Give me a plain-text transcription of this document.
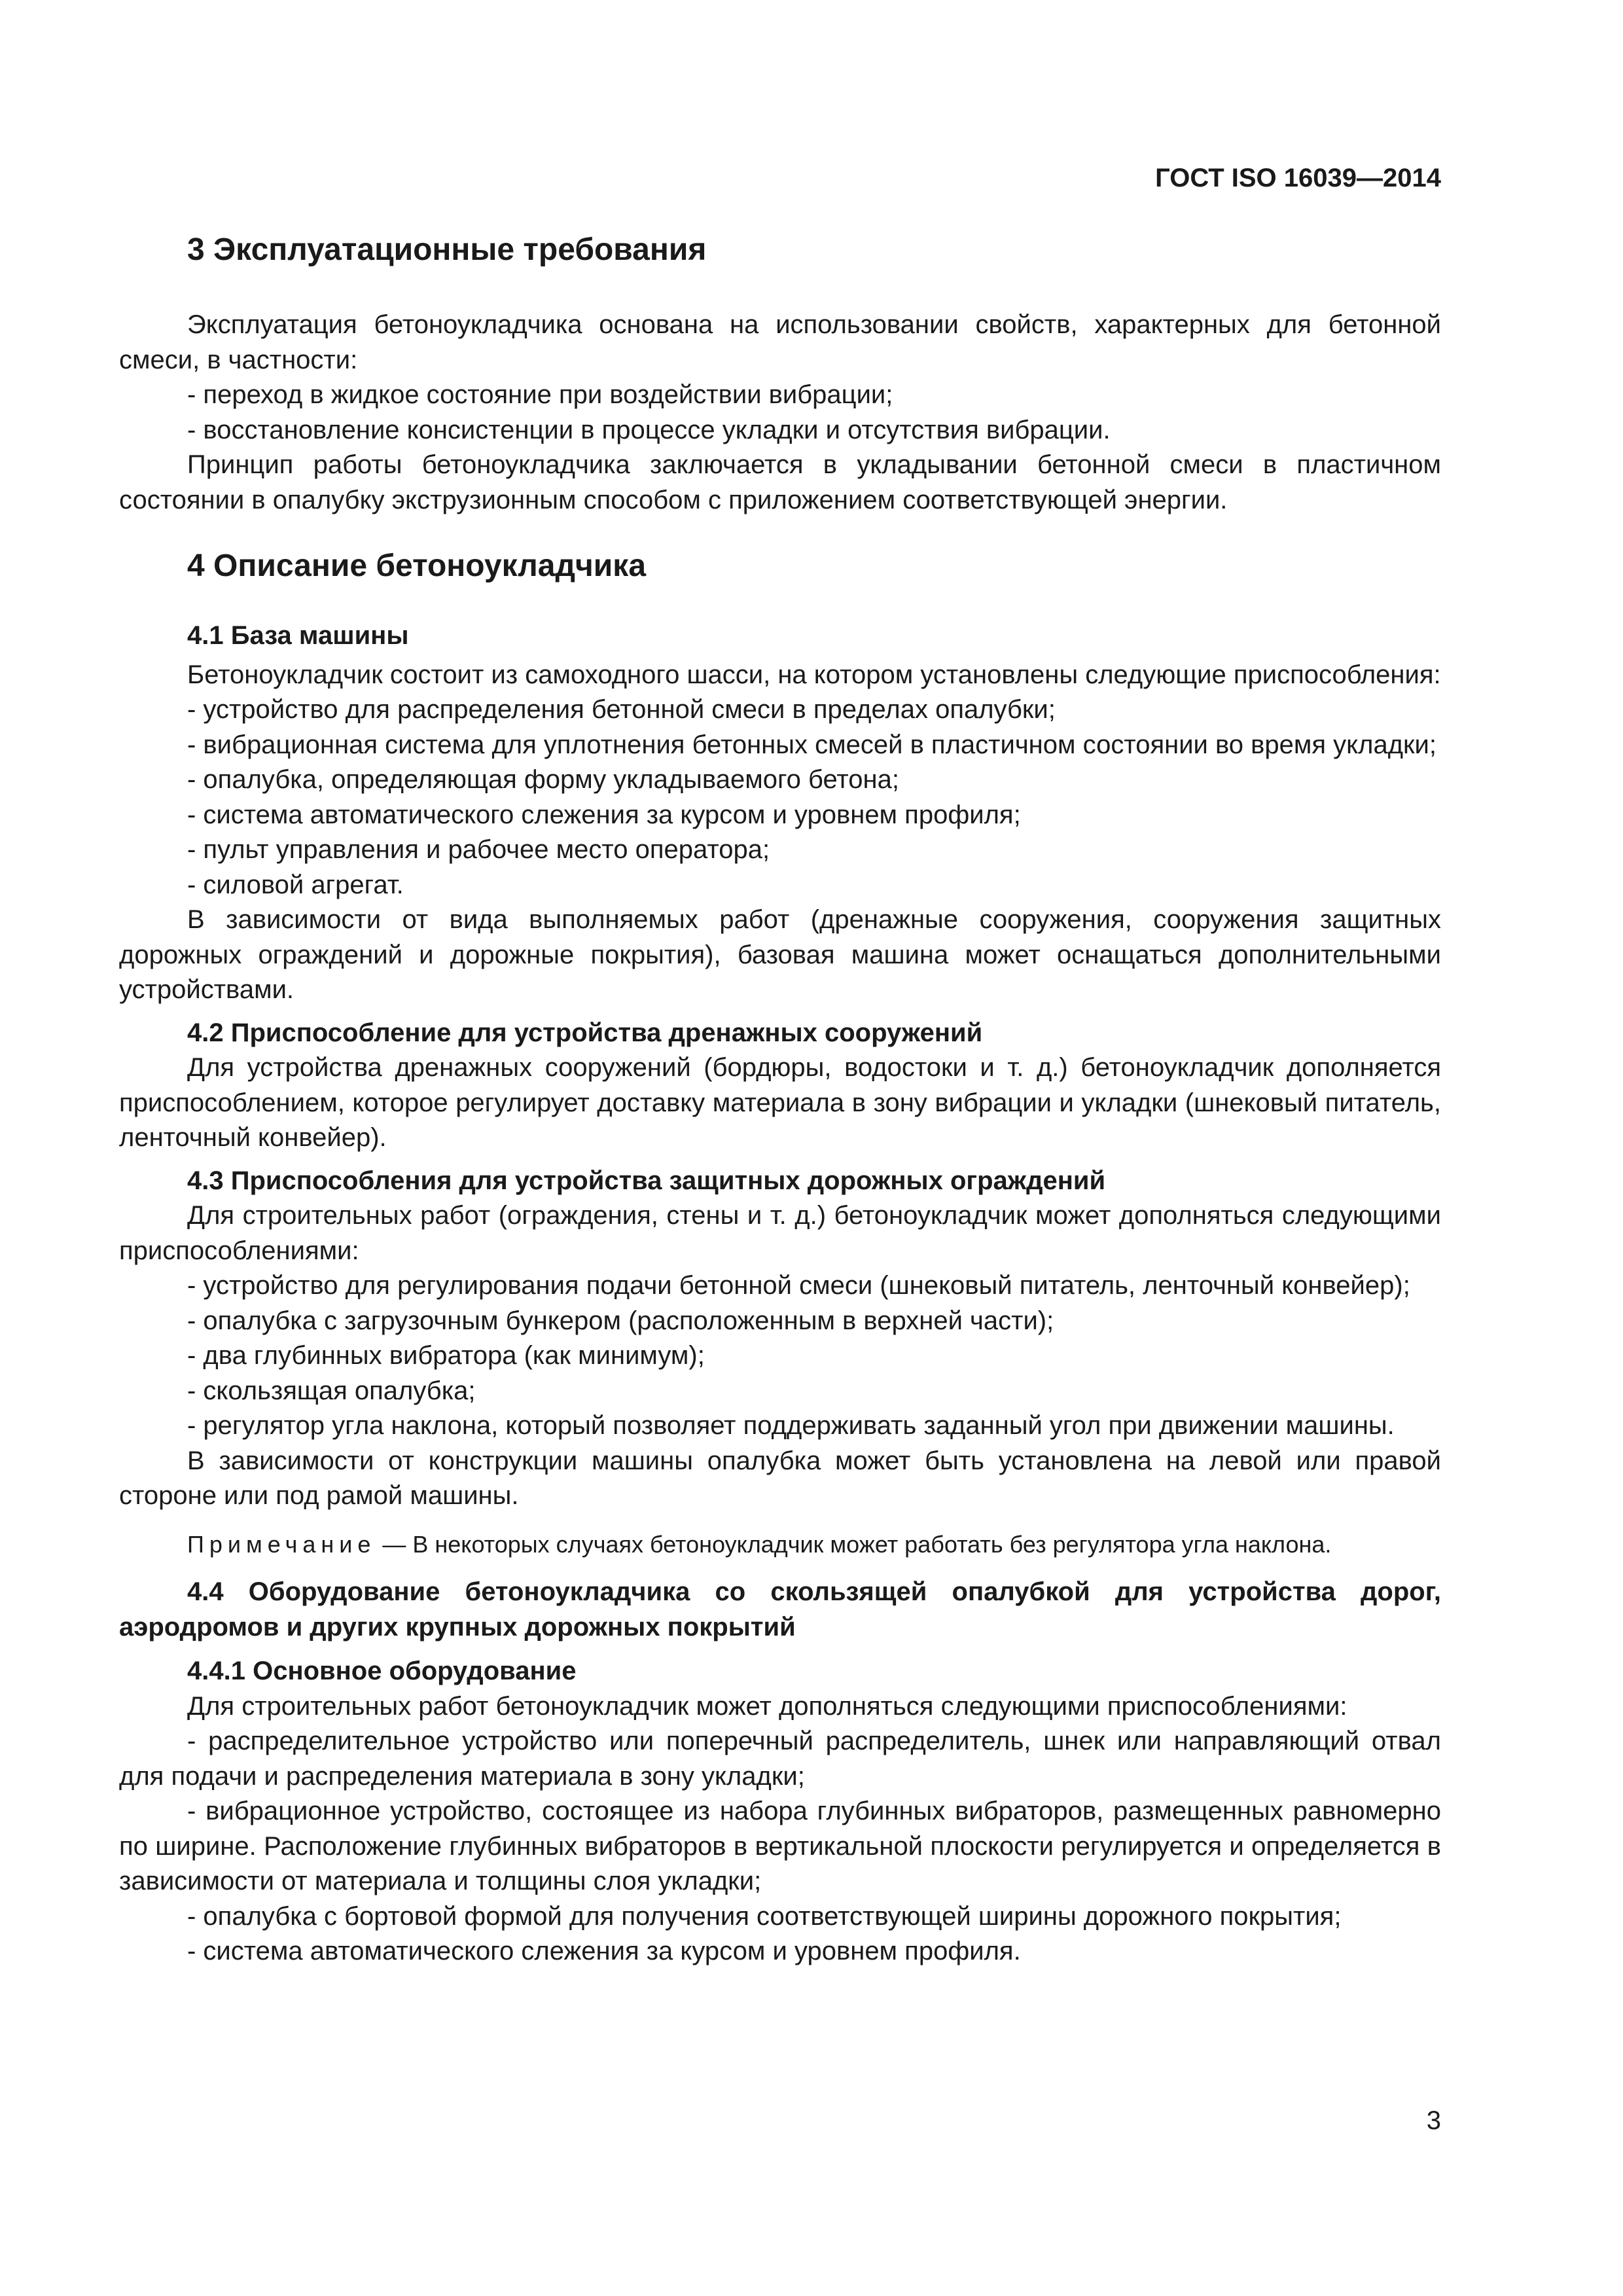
ГОСТ ISO 16039—2014
3 Эксплуатационные требования

Эксплуатация бетоноукладчика основана на использовании свойств, характерных для бетонной смеси, в частности:

- переход в жидкое состояние при воздействии вибрации;

- восстановление консистенции в процессе укладки и отсутствия вибрации.

Принцип работы бетоноукладчика заключается в укладывании бетонной смеси в пластичном состоянии в опалубку экструзионным способом с приложением соответствующей энергии.

4 Описание бетоноукладчика
4.1 База машины

Бетоноукладчик состоит из самоходного шасси, на котором установлены следующие приспособления:

- устройство для распределения бетонной смеси в пределах опалубки;

- вибрационная система для уплотнения бетонных смесей в пластичном состоянии во время укладки;

- опалубка, определяющая форму укладываемого бетона;

- система автоматического слежения за курсом и уровнем профиля;

- пульт управления и рабочее место оператора;

- силовой агрегат.

В зависимости от вида выполняемых работ (дренажные сооружения, сооружения защитных дорожных ограждений и дорожные покрытия), базовая машина может оснащаться дополнительными устройствами.

4.2 Приспособление для устройства дренажных сооружений

Для устройства дренажных сооружений (бордюры, водостоки и т. д.) бетоноукладчик дополняется приспособлением, которое регулирует доставку материала в зону вибрации и укладки (шнековый питатель, ленточный конвейер).

4.3 Приспособления для устройства защитных дорожных ограждений

Для строительных работ (ограждения, стены и т. д.) бетоноукладчик может дополняться следующими приспособлениями:

- устройство для регулирования подачи бетонной смеси (шнековый питатель, ленточный конвейер);

- опалубка с загрузочным бункером (расположенным в верхней части);

- два глубинных вибратора (как минимум);

- скользящая опалубка;

- регулятор угла наклона, который позволяет поддерживать заданный угол при движении машины.

В зависимости от конструкции машины опалубка может быть установлена на левой или правой стороне или под рамой машины.

Примечание — В некоторых случаях бетоноукладчик может работать без регулятора угла наклона.

4.4 Оборудование бетоноукладчика со скользящей опалубкой для устройства дорог, аэродромов и других крупных дорожных покрытий
4.4.1 Основное оборудование

Для строительных работ бетоноукладчик может дополняться следующими приспособлениями:

- распределительное устройство или поперечный распределитель, шнек или направляющий отвал для подачи и распределения материала в зону укладки;

- вибрационное устройство, состоящее из набора глубинных вибраторов, размещенных равномерно по ширине. Расположение глубинных вибраторов в вертикальной плоскости регулируется и определяется в зависимости от материала и толщины слоя укладки;

- опалубка с бортовой формой для получения соответствующей ширины дорожного покрытия;

- система автоматического слежения за курсом и уровнем профиля.

3
